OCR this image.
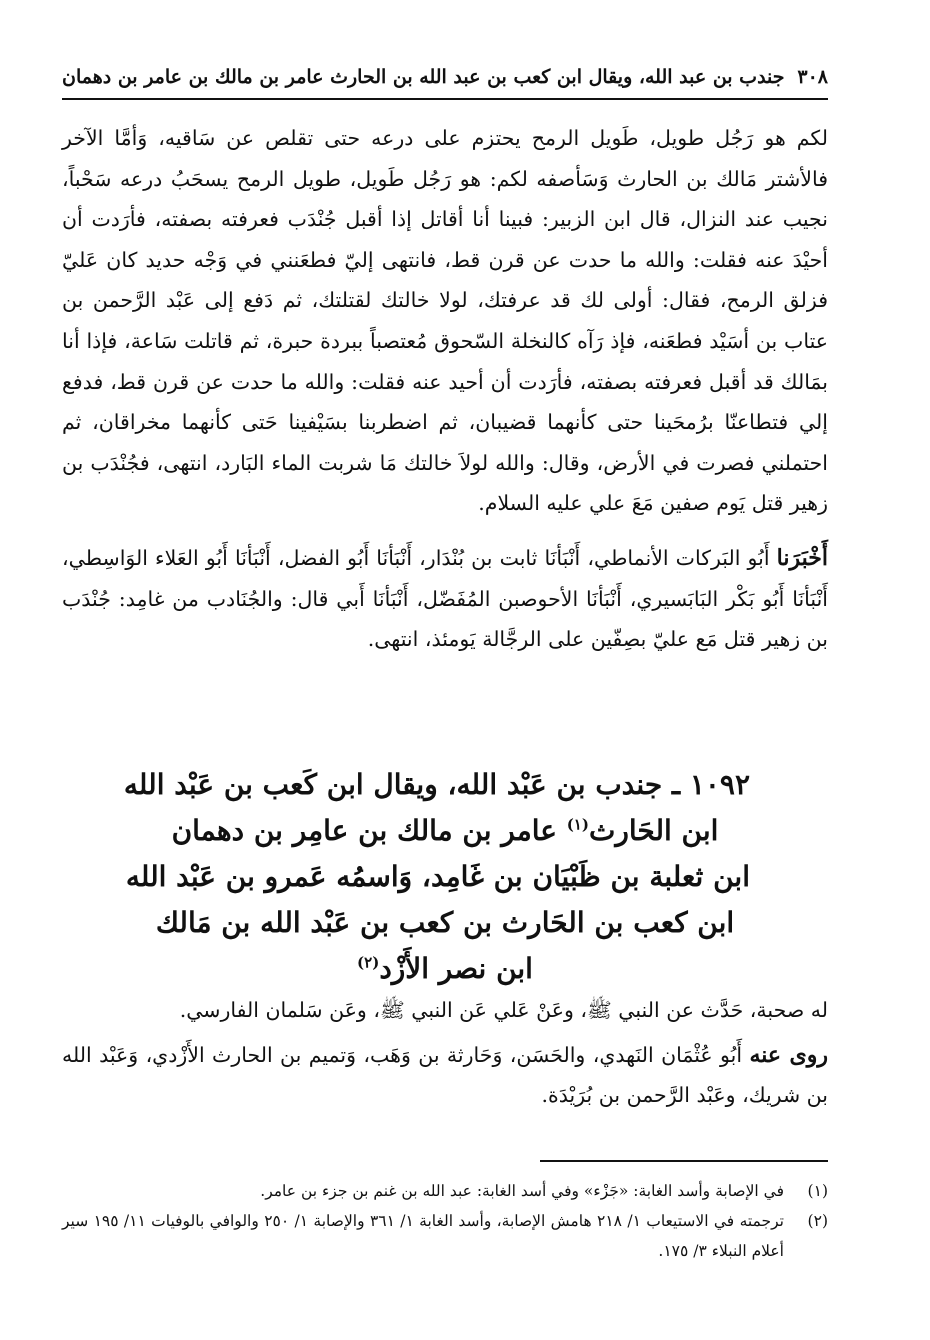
٣٠٨
جندب بن عبد الله، ويقال ابن كعب بن عبد الله بن الحارث عامر بن مالك بن عامر بن دهمان

لكم هو رَجُل طويل، طَويل الرمح يحتزم على درعه حتى تقلص عن سَاقيه، وَأمَّا الآخر فالأشتر مَالك بن الحارث وَسَأصفه لكم: هو رَجُل طَويل، طويل الرمح يسحَبُ درعه سَحْباً، نجيب عند النزال، قال ابن الزبير: فبينا أنا أقاتل إذا أقبل جُنْدَب فعرفته بصفته، فأرَدت أن أحيْدَ عنه فقلت: والله ما حدت عن قرن قط، فانتهى إليّ فطعَنني في وَجْه حديد كان عَليّ فزلق الرمح، فقال: أولى لك قد عرفتك، لولا خالتك لقتلتك، ثم دَفع إلى عَبْد الرَّحمن بن عتاب بن أسَيْد فطعَنه، فإذ رَآه كالنخلة السّحوق مُعتصباً ببردة حبرة، ثم قاتلت سَاعة، فإذا أنا بمَالك قد أقبل فعرفته بصفته، فأرَدت أن أحيد عنه فقلت: والله ما حدت عن قرن قط، فدفع إلي فتطاعنّا برُمحَينا حتى كأنهما قضيبان، ثم اضطربنا بسَيْفينا حَتى كأنهما مخراقان، ثم احتملني فصرت في الأرض، وقال: والله لولاَ خالتك مَا شربت الماء البَارد، انتهى، فجُنْدَب بن زهير قتل يَوم صفين مَعَ علي عليه السلام.

أَخْبَرَنا أَبُو البَركات الأنماطي، أَنْبَأنَا ثابت بن بُنْدَار، أَنْبَأنَا أَبُو الفضل، أَنْبَأنَا أَبُو العَلاء الوَاسِطي، أَنْبَأنَا أَبُو بَكْر البَابَسيري، أَنْبَأنَا الأحوصبن المُفَضّل، أَنْبَأنَا أَبي قال: والجُنَادب من غامِد: جُنْدَب بن زهير قتل مَع عليّ بصِفّين على الرجَّالة يَومئذ، انتهى.

١٠٩٢ ـ جندب بن عَبْد الله، ويقال ابن كَعب بن عَبْد الله
ابن الحَارث$^{(١)}$ عامر بن مالك بن عامِر بن دهمان
ابن ثعلبة بن ظَبْيَان بن غَامِد، وَاسمُه عَمرو بن عَبْد الله
ابن كعب بن الحَارث بن كعب بن عَبْد الله بن مَالك
ابن نصر الأَزْد$^{(٢)}$

له صحبة، حَدَّث عن النبي ﷺ، وعَنْ عَلي عَن النبي ﷺ، وعَن سَلمان الفارسي.

روى عنه أَبُو عُثْمَان النَهدي، والحَسَن، وَحَارثة بن وَهَب، وَتميم بن الحارث الأَزْدي، وَعَبْد الله بن شريك، وعَبْد الرَّحمن بن بُرَيْدَة.

(١)
في الإصابة وأسد الغابة: «جَزْء» وفي أسد الغابة: عبد الله بن غنم بن جزء بن عامر.
(٢)
ترجمته في الاستيعاب ١/ ٢١٨ هامش الإصابة، وأسد الغابة ١/ ٣٦١ والإصابة ١/ ٢٥٠ والوافي بالوفيات ١١/ ١٩٥ سير أعلام النبلاء ٣/ ١٧٥.
